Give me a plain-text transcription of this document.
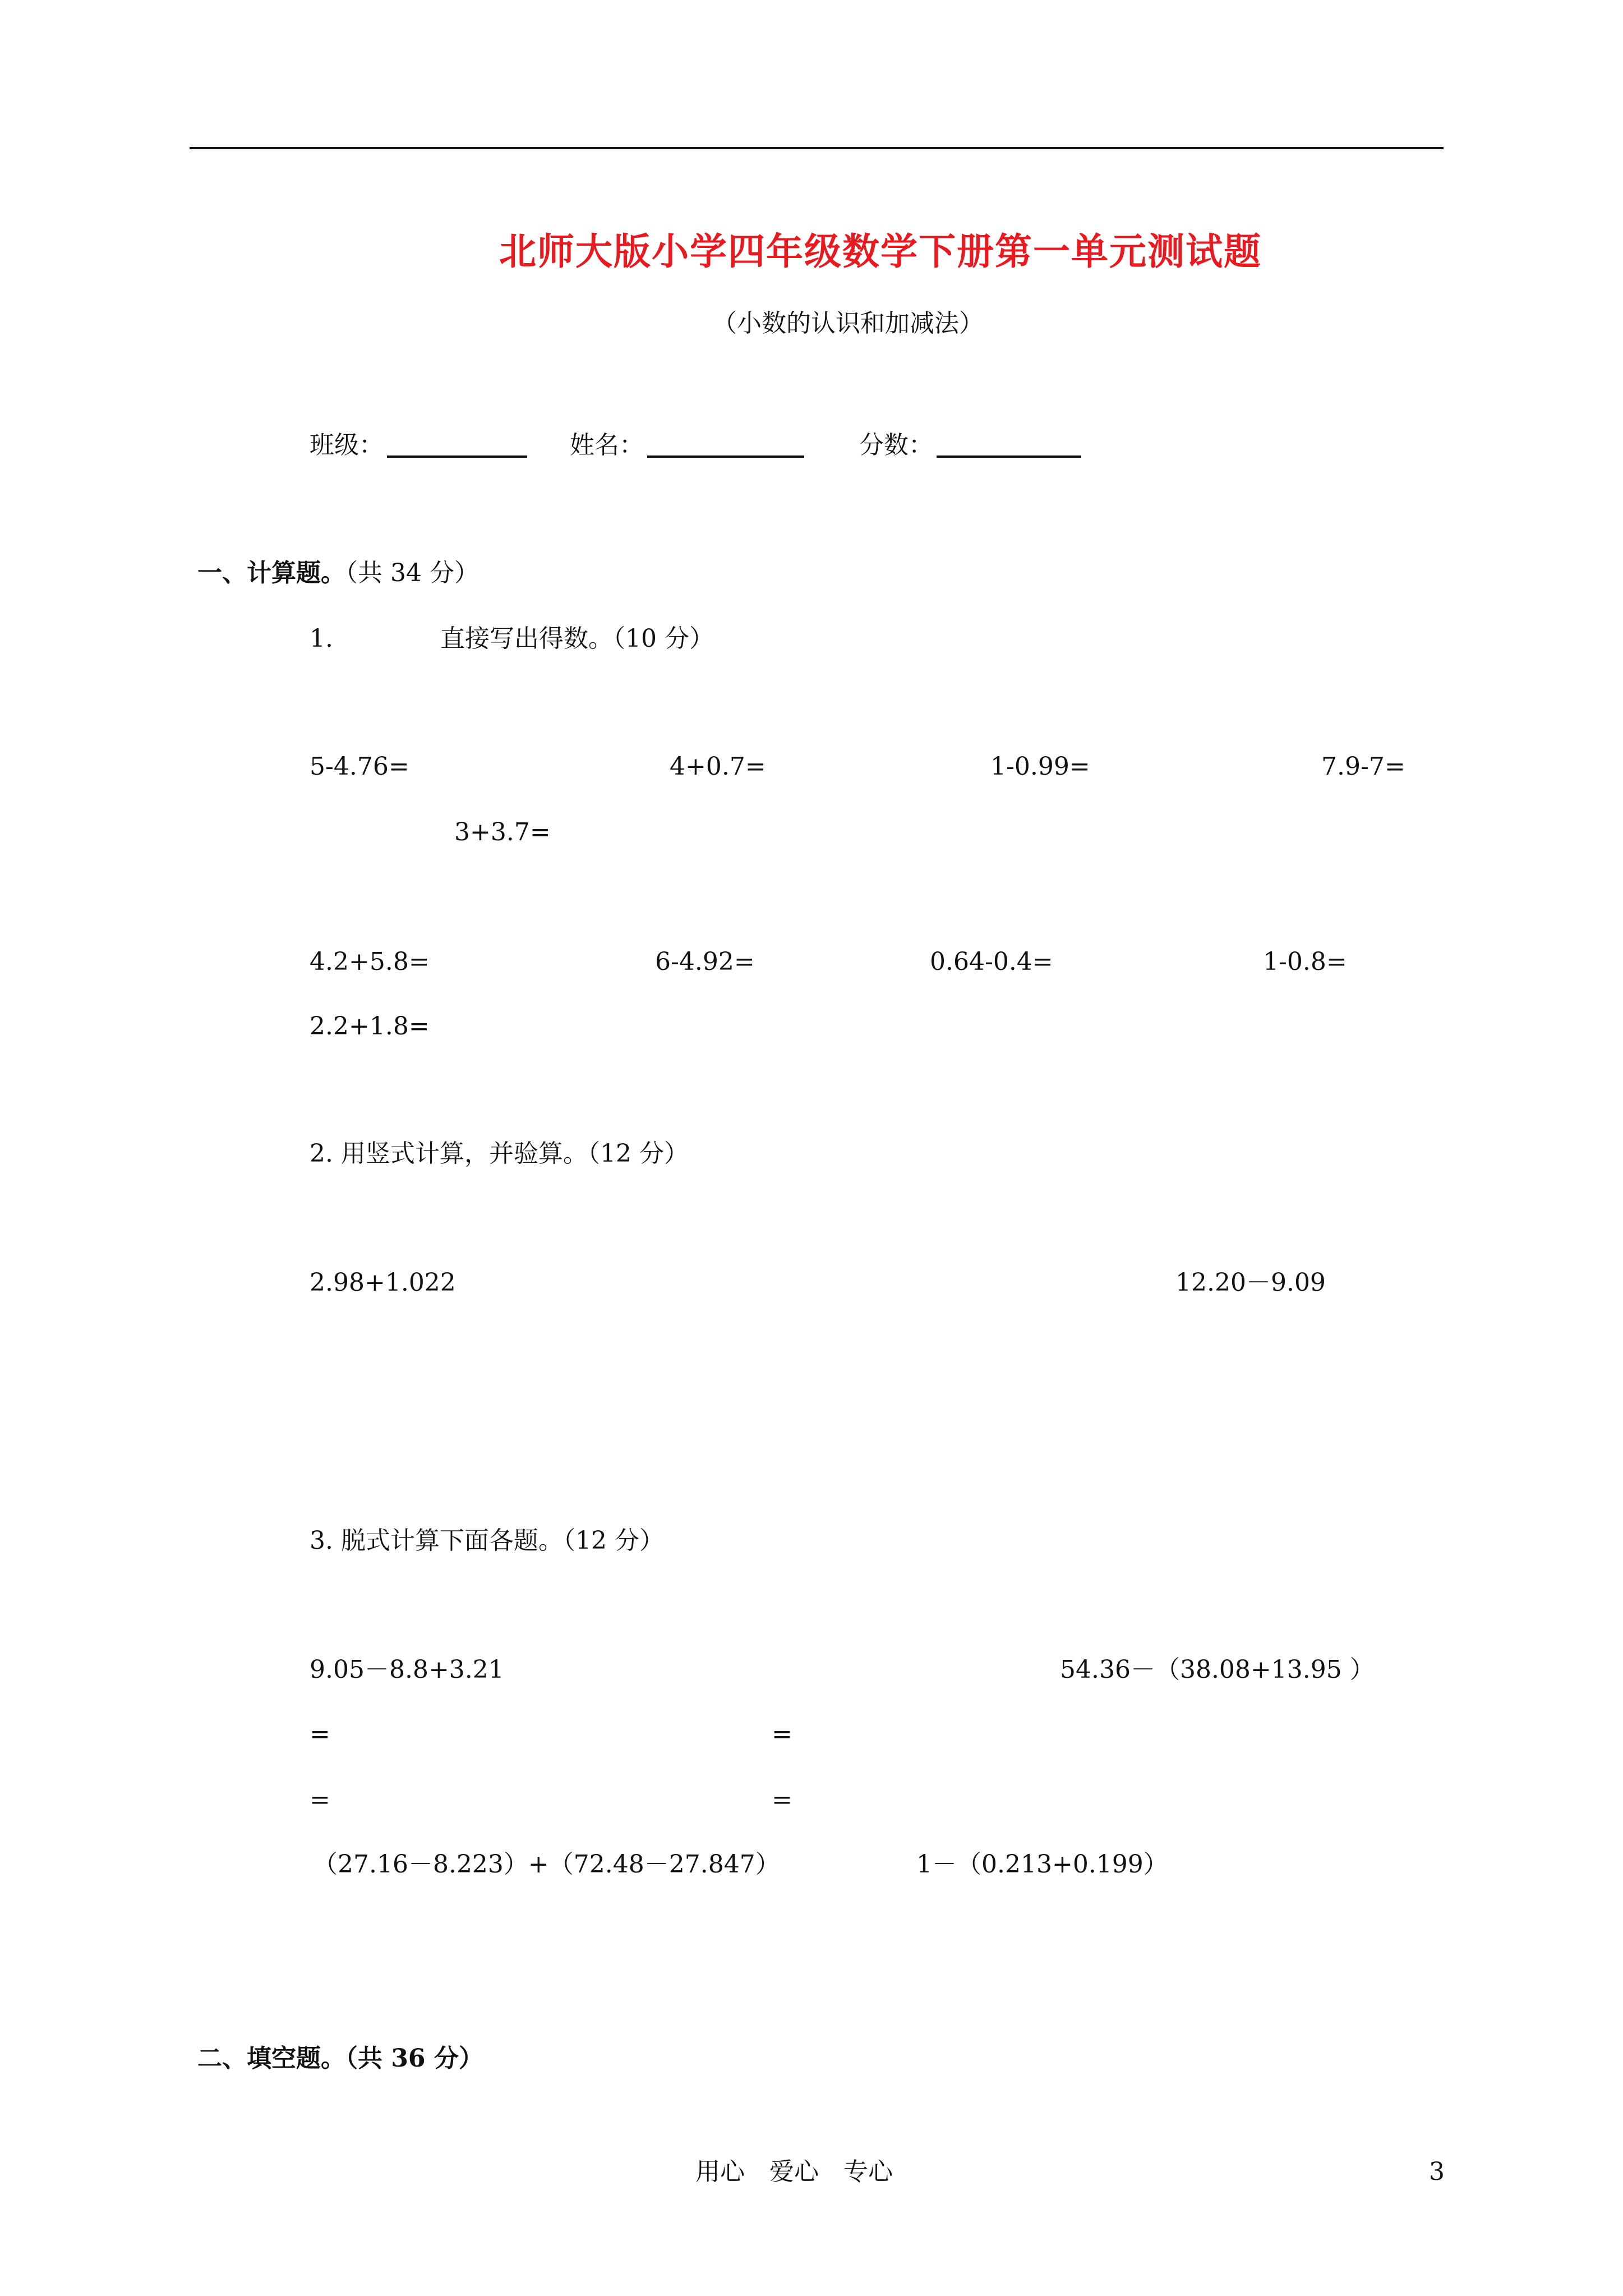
北师大版小学四年级数学下册第一单元测试题
（小数的认识和加减法）
班级：	姓名：	分数：
一、计算题。（共 34 分）
1.	直接写出得数。（10 分）
5-4.76=	4+0.7=	1-0.99=	7.9-7=
3+3.7=
4.2+5.8=	6-4.92=	0.64-0.4=	1-0.8=
2.2+1.8=
2. 用竖式计算，并验算。（12 分）
2.98+1.022	12.20－9.09
3. 脱式计算下面各题。（12 分）
9.05－8.8+3.21	54.36－（38.08+13.95 ）
=	=
=	=
（27.16－8.223）+（72.48－27.847）	1－（0.213+0.199）
二、填空题。（共 36 分）
用心　爱心　专心	3
